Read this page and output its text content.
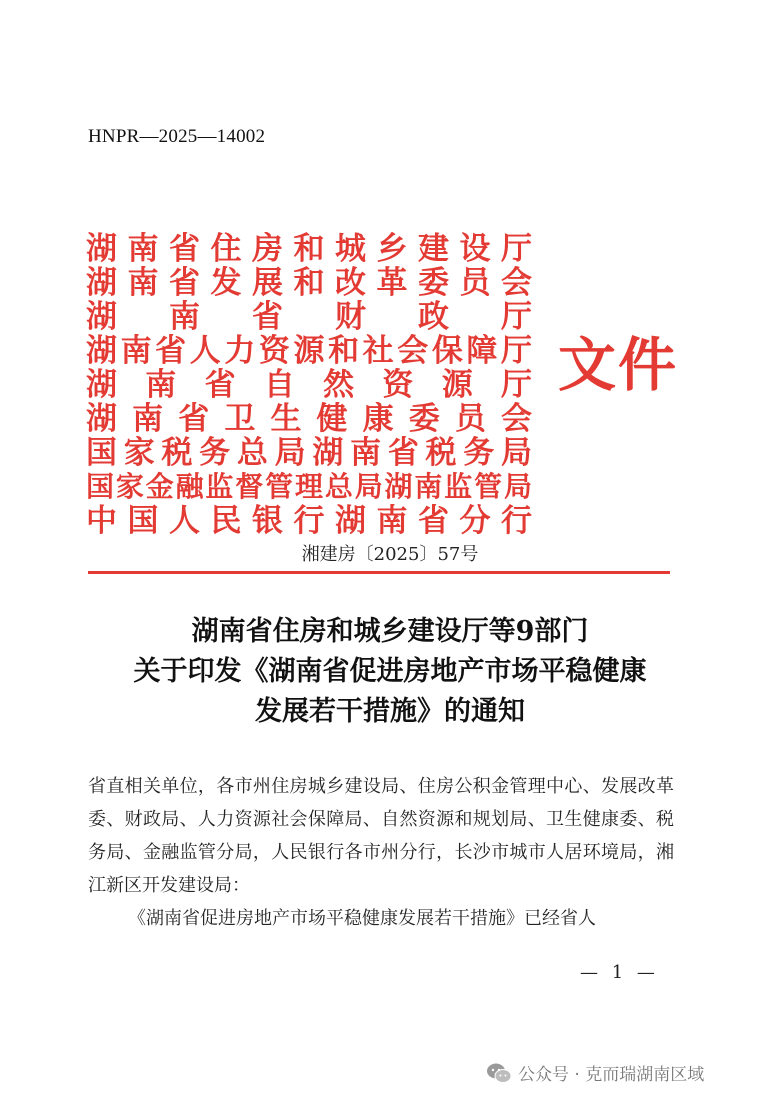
HNPR—2025—14002
湖南省住房和城乡建设厅
湖南省发展和改革委员会
湖南省财政厅
湖南省人力资源和社会保障厅
湖南省自然资源厅
湖南省卫生健康委员会
国家税务总局湖南省税务局
国家金融监督管理总局湖南监管局
中国人民银行湖南省分行
文件
湘建房〔2025〕57号
湖南省住房和城乡建设厅等9部门
关于印发《湖南省促进房地产市场平稳健康
发展若干措施》的通知
省直相关单位，各市州住房城乡建设局、住房公积金管理中心、发展改革委、财政局、人力资源社会保障局、自然资源和规划局、卫生健康委、税务局、金融监管分局，人民银行各市州分行，长沙市城市人居环境局，湘江新区开发建设局：
《湖南省促进房地产市场平稳健康发展若干措施》已经省人
— 1 —
公众号 · 克而瑞湖南区域
